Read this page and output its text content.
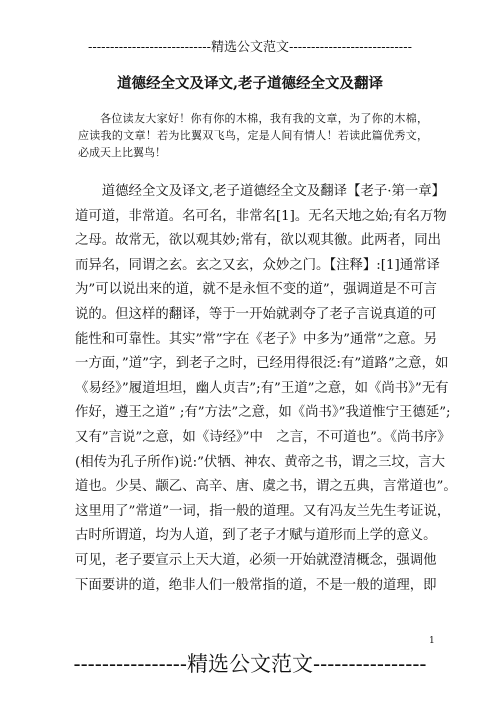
----------------------------精选公文范文----------------------------
道德经全文及译文,老子道德经全文及翻译
各位读友大家好！你有你的木棉，我有我的文章，为了你的木棉，应读我的文章！若为比翼双飞鸟，定是人间有情人！若读此篇优秀文，必成天上比翼鸟！
　　道德经全文及译文,老子道德经全文及翻译【老子·第一章】
道可道，非常道。名可名，非常名[1]。无名天地之始;有名万物
之母。故常无，欲以观其妙;常有，欲以观其徼。此两者，同出
而异名，同谓之玄。玄之又玄，众妙之门。【注释】:[1]通常译
为”可以说出来的道，就不是永恒不变的道”，强调道是不可言
说的。但这样的翻译，等于一开始就剥夺了老子言说真道的可
能性和可靠性。其实”常”字在《老子》中多为”通常”之意。另
一方面，”道”字，到老子之时，已经用得很泛:有”道路”之意，如
《易经》”履道坦坦，幽人贞吉”;有”王道”之意，如《尚书》”无有
作好，遵王之道” ;有”方法”之意，如《尚书》”我道惟宁王德延”;
又有”言说”之意，如《诗经》”中　之言，不可道也”。《尚书序》
(相传为孔子所作)说:”伏牺、神农、黄帝之书，谓之三坟，言大
道也。少昊、颛乙、高辛、唐、虞之书，谓之五典，言常道也”。
这里用了”常道”一词，指一般的道理。又有冯友兰先生考证说，
古时所谓道，均为人道，到了老子才赋与道形而上学的意义。
可见，老子要宣示上天大道，必须一开始就澄清概念，强调他
下面要讲的道，绝非人们一般常指的道，不是一般的道理，即
1
----------------精选公文范文----------------
